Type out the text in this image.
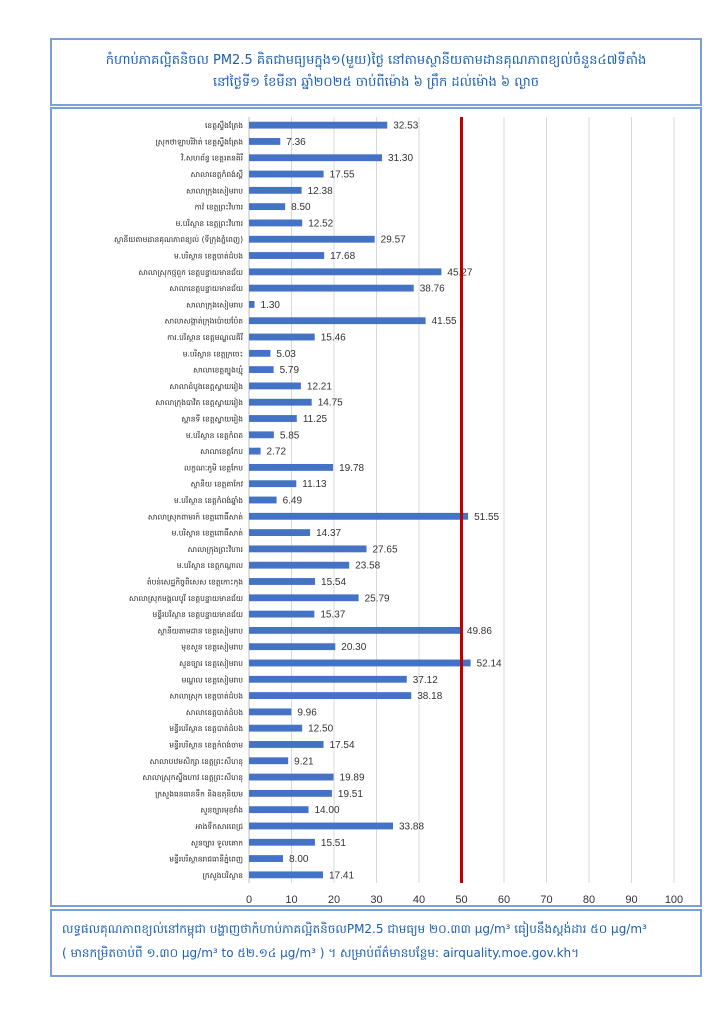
កំហាប់ភាគល្អិតនិចល PM2.5 គិតជាមធ្យមក្នុង១(មួយ)ថ្ងៃ នៅតាមស្ថានីយតាមដានគុណភាពខ្យល់ចំនួន៤៧ទីតាំង
នៅថ្ងៃទី១ ខែមីនា ឆ្នាំ២០២៥ ចាប់ពីម៉ោង ៦ ព្រឹក ដល់ម៉ោង ៦ ល្ងាច
0	10	20	30	40	50	60	70	80	90 100
ខេត្តស្ទឹងត្រែង	32.53
ស្រុកថាឡាបរិវ៉ាត់ ខេត្តស្ទឹងត្រែង	7.36
វិ.សហព័ន្ធ ខេត្តរតនគិរី	31.30
សាលាខេត្តកំពង់ស្ពឺ	17.55
សាលាក្រុងសៀមរាប	12.38
កាវ៉ ខេត្តព្រះវិហារ	8.50
ម.បរិស្ថាន ខេត្តព្រះវិហារ	12.52
ស្ថានីយតាមដានគុណភាពខ្យល់ (ទីក្រុងភ្នំពេញ)	29.57
ម.បរិស្ថាន ខេត្តបាត់ដំបង	17.68
សាលាស្រុកថ្មពួក ខេត្តបន្ទាយមានជ័យ	45.27
សាលាខេត្តបន្ទាយមានជ័យ	38.76
សាលាក្រុងសៀមរាប 1.30
សាលាសង្កាត់ក្រុងប៉ោយប៉ែត	41.55
ការ.បរិស្ថាន ខេត្តមណ្ឌលគិរី	15.46
ម.បរិស្ថាន ខេត្តក្រចេះ	5.03
សាលាខេត្តត្បូងឃ្មុំ	5.79
សាលាដំបូងខេត្តស្វាយរៀង	12.21
សាលាក្រុងបាវិត ខេត្តស្វាយរៀង	14.75
ស្ពានទី ខេត្តស្វាយរៀង	11.25
ម.បរិស្ថាន ខេត្តកំពត	5.85
សាលាខេត្តកែប 2.72
លក្ខណៈភូមិ ខេត្តកែប	19.78
ស្ថានីយ ខេត្តតាកែវ	11.13
ម.បរិស្ថាន ខេត្តកំពង់ឆ្នាំង	6.49
សាលាស្រុកពាមរក៍ ខេត្តពោធិ៍សាត់	51.55
ម.បរិស្ថាន ខេត្តពោធិ៍សាត់	14.37
សាលាក្រុងព្រះវិហារ	27.65
ម.បរិស្ថាន ខេត្តកណ្ដាល	23.58
តំបន់សេដ្ឋកិច្ចពិសេស ខេត្តកោះកុង	15.54
សាលាស្រុកមង្គលបូរី ខេត្តបន្ទាយមានជ័យ	25.79
មន្ទីរបរិស្ថាន ខេត្តបន្ទាយមានជ័យ	15.37
ស្ថានីយតាមដាន ខេត្តសៀមរាប	49.86
មុខសួន ខេត្តសៀមរាប	20.30
សួនច្បារ ខេត្តសៀមរាប	52.14
មណ្ឌល ខេត្តសៀមរាប	37.12
សាលាស្រុក ខេត្តបាត់ដំបង	38.18
សាលាខេត្តបាត់ដំបង	9.96
មន្ទីរបរិស្ថាន ខេត្តបាត់ដំបង	12.50
មន្ទីរបរិស្ថាន ខេត្តកំពង់ចាម	17.54
សាលាបឋមសិក្សា ខេត្តព្រះសីហនុ	9.21
សាលាស្រុកស្ទឹងហាវ ខេត្តព្រះសីហនុ	19.89
ក្រសួងធនធានទឹក និងឧតុនិយម	19.51
សួនច្បារមុខវាំង	14.00
អាងទឹកសារពេជ្រ	33.88
សួនច្បារ ទួលគោក	15.51
មន្ទីរបរិស្ថានរាជធានីភ្នំពេញ	8.00
ក្រសួងបរិស្ថាន	17.41
លទ្ធផលគុណភាពខ្យល់នៅកម្ពុជា បង្ហាញថាកំហាប់ភាគល្អិតនិចលPM2.5 ជាមធ្យម ២០.៣៣ µg/m³ ធៀបនឹងស្តង់ដារ ៥០ µg/m³
( មានកម្រិតចាប់ពី ១.៣០ µg/m³ to ៥២.១៤ µg/m³ ) ។ សម្រាប់ព័ត៌មានបន្ថែម: airquality.moe.gov.kh។
